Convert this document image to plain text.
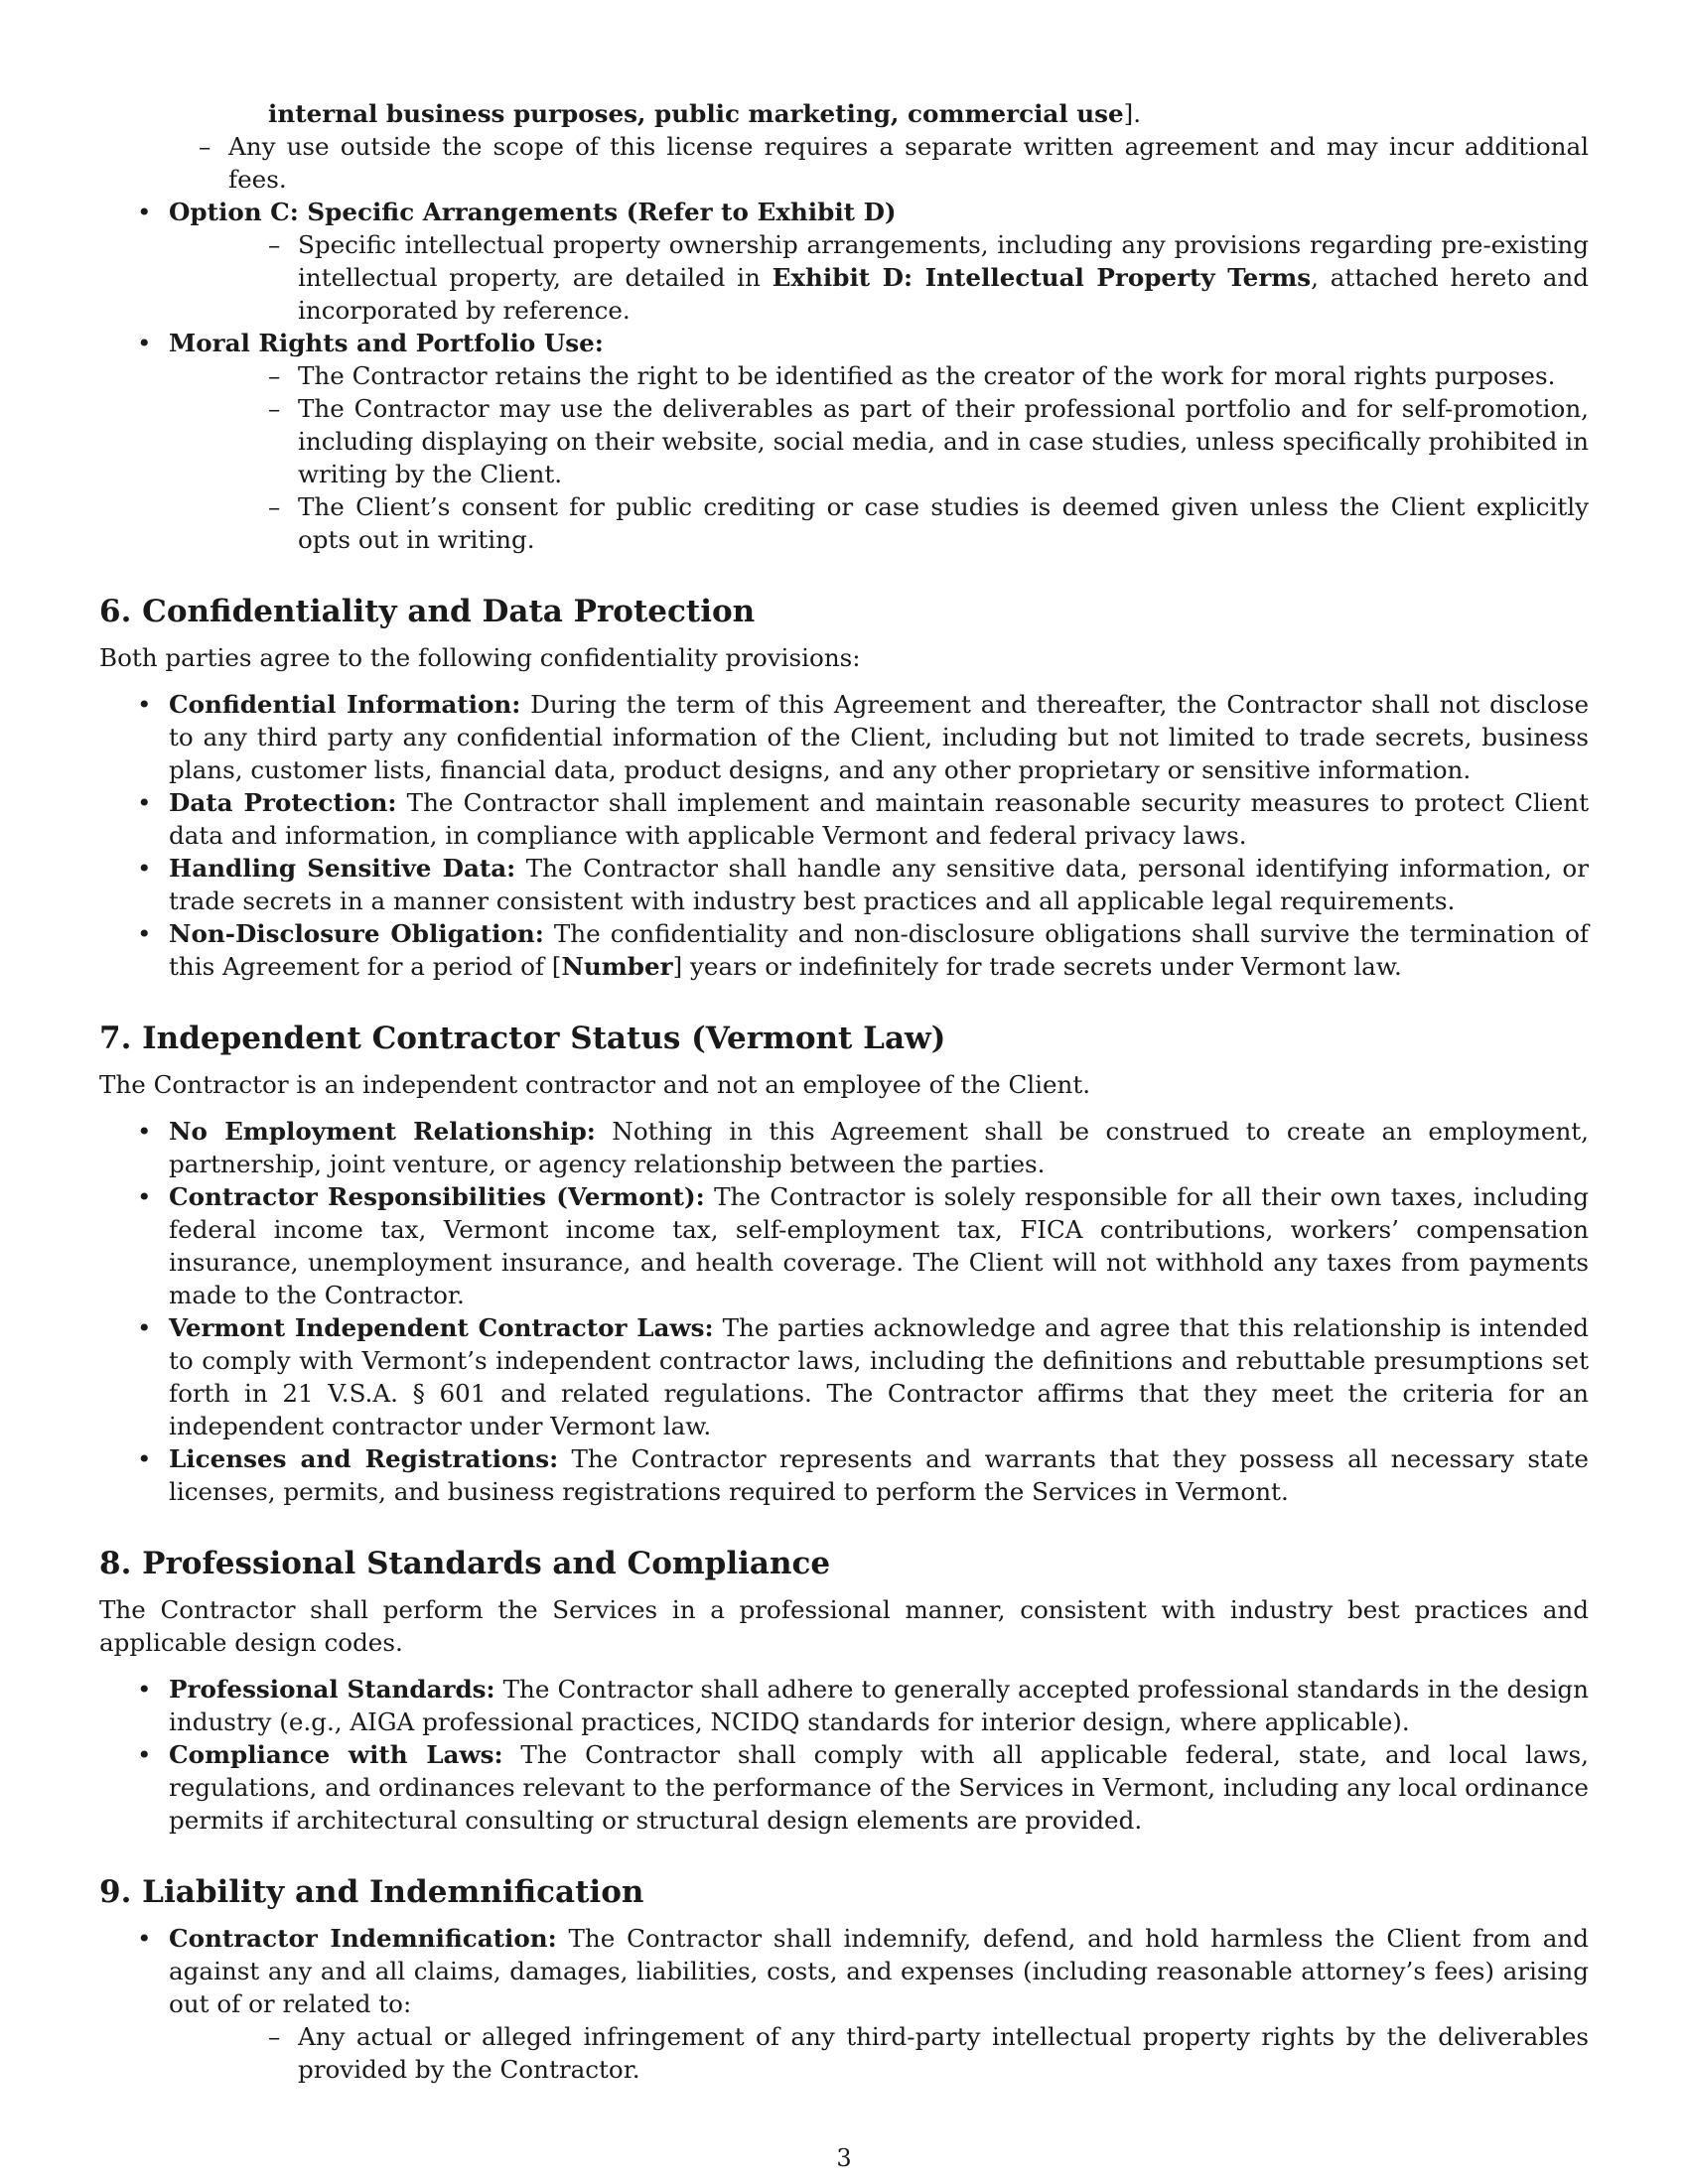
internal business purposes, public marketing, commercial use].
– Any use outside the scope of this license requires a separate written agreement and may incur additional fees.
• Option C: Specific Arrangements (Refer to Exhibit D)
– Specific intellectual property ownership arrangements, including any provisions regarding pre-existing intellectual property, are detailed in Exhibit D: Intellectual Property Terms, attached hereto and incorporated by reference.
• Moral Rights and Portfolio Use:
– The Contractor retains the right to be identified as the creator of the work for moral rights purposes.
– The Contractor may use the deliverables as part of their professional portfolio and for self-promotion, including displaying on their website, social media, and in case studies, unless specifically prohibited in writing by the Client.
– The Client’s consent for public crediting or case studies is deemed given unless the Client explicitly opts out in writing.
6. Confidentiality and Data Protection

Both parties agree to the following confidentiality provisions:

• Confidential Information: During the term of this Agreement and thereafter, the Contractor shall not disclose to any third party any confidential information of the Client, including but not limited to trade secrets, business plans, customer lists, financial data, product designs, and any other proprietary or sensitive information.
• Data Protection: The Contractor shall implement and maintain reasonable security measures to protect Client data and information, in compliance with applicable Vermont and federal privacy laws.
• Handling Sensitive Data: The Contractor shall handle any sensitive data, personal identifying information, or trade secrets in a manner consistent with industry best practices and all applicable legal requirements.
• Non-Disclosure Obligation: The confidentiality and non-disclosure obligations shall survive the termination of this Agreement for a period of [Number] years or indefinitely for trade secrets under Vermont law.
7. Independent Contractor Status (Vermont Law)

The Contractor is an independent contractor and not an employee of the Client.

• No Employment Relationship: Nothing in this Agreement shall be construed to create an employment, partnership, joint venture, or agency relationship between the parties.
• Contractor Responsibilities (Vermont): The Contractor is solely responsible for all their own taxes, including federal income tax, Vermont income tax, self-employment tax, FICA contributions, workers’ compensation insurance, unemployment insurance, and health coverage. The Client will not withhold any taxes from payments made to the Contractor.
• Vermont Independent Contractor Laws: The parties acknowledge and agree that this relationship is intended to comply with Vermont’s independent contractor laws, including the definitions and rebuttable presumptions set forth in 21 V.S.A. § 601 and related regulations. The Contractor affirms that they meet the criteria for an independent contractor under Vermont law.
• Licenses and Registrations: The Contractor represents and warrants that they possess all necessary state licenses, permits, and business registrations required to perform the Services in Vermont.
8. Professional Standards and Compliance

The Contractor shall perform the Services in a professional manner, consistent with industry best practices and applicable design codes.

• Professional Standards: The Contractor shall adhere to generally accepted professional standards in the design industry (e.g., AIGA professional practices, NCIDQ standards for interior design, where applicable).
• Compliance with Laws: The Contractor shall comply with all applicable federal, state, and local laws, regulations, and ordinances relevant to the performance of the Services in Vermont, including any local ordinance permits if architectural consulting or structural design elements are provided.
9. Liability and Indemnification
• Contractor Indemnification: The Contractor shall indemnify, defend, and hold harmless the Client from and against any and all claims, damages, liabilities, costs, and expenses (including reasonable attorney’s fees) arising out of or related to:
– Any actual or alleged infringement of any third-party intellectual property rights by the deliverables provided by the Contractor.
3
